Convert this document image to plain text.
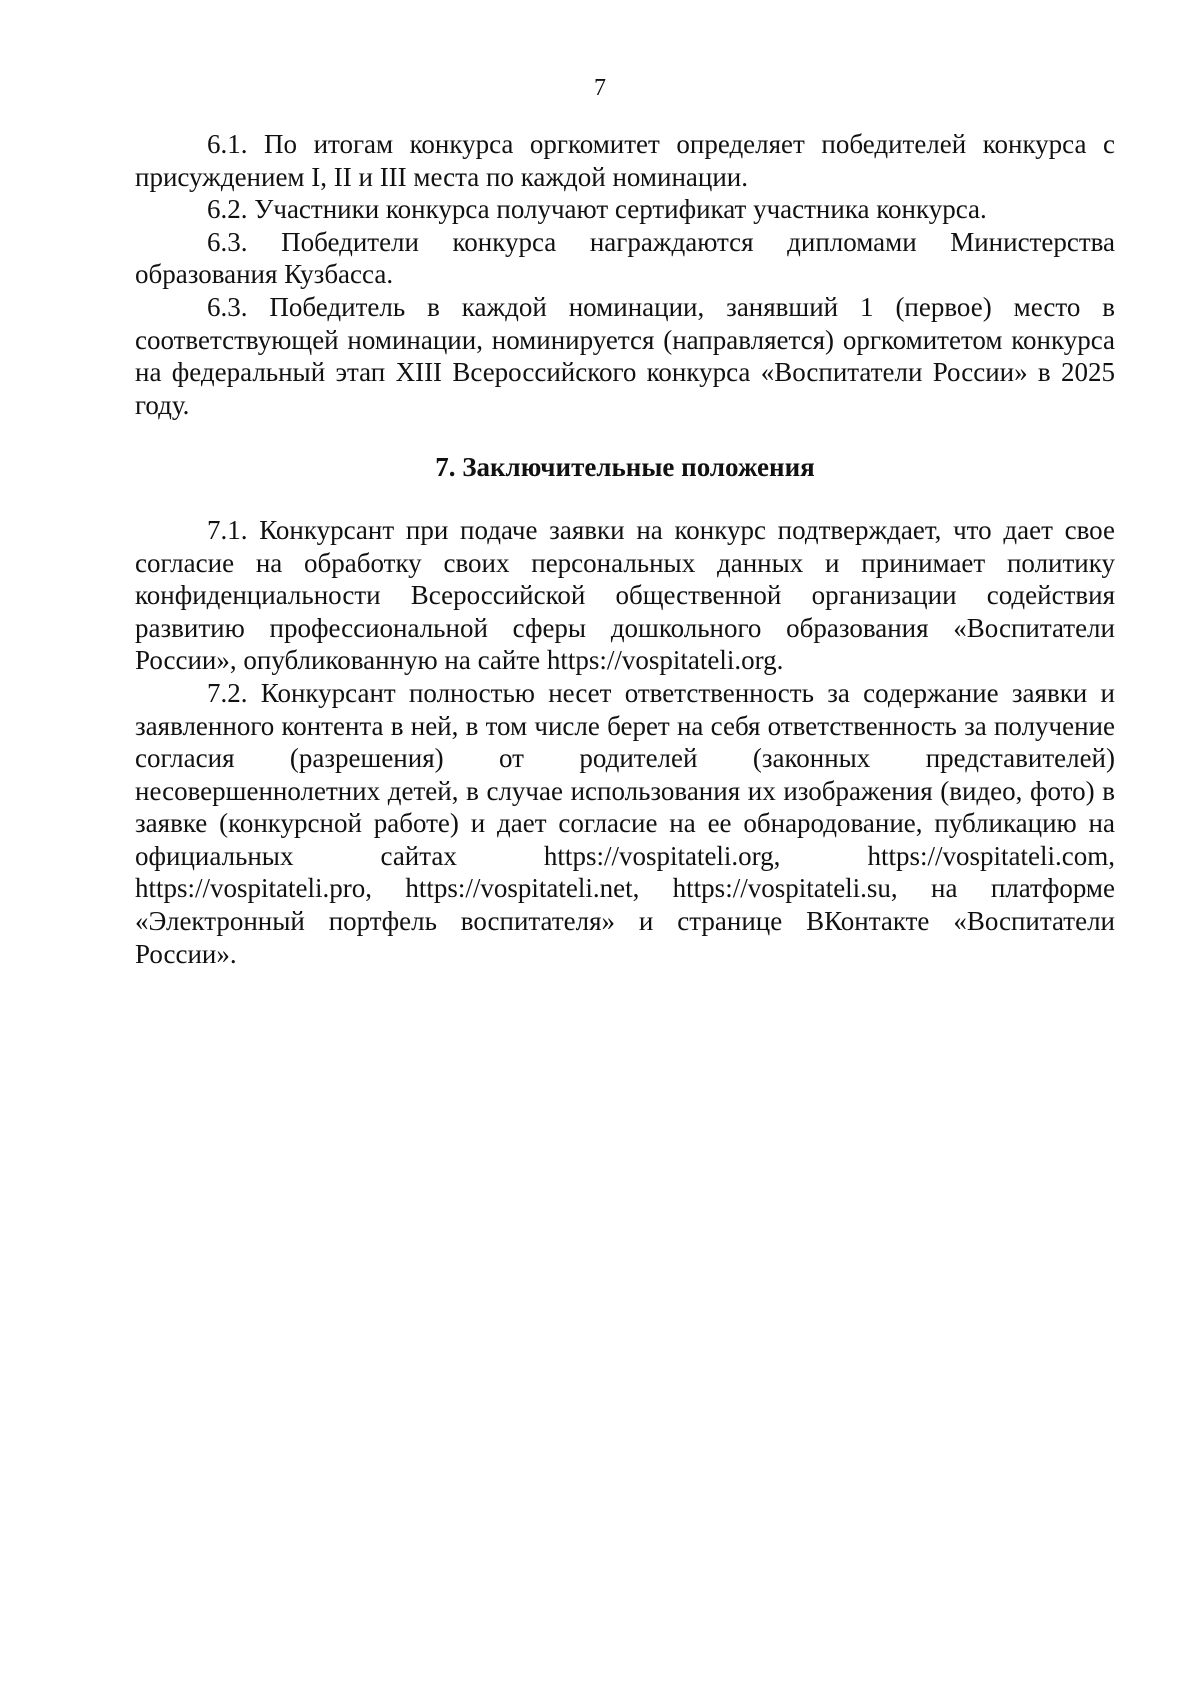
7

6.1. По итогам конкурса оргкомитет определяет победителей конкурса с присуждением I, II и III места по каждой номинации.

6.2. Участники конкурса получают сертификат участника конкурса.

6.3. Победители конкурса награждаются дипломами Министерства образования Кузбасса.

6.3. Победитель в каждой номинации, занявший 1 (первое) место в соответствующей номинации, номинируется (направляется) оргкомитетом конкурса на федеральный этап XIII Всероссийского конкурса «Воспитатели России» в 2025 году.

7. Заключительные положения

7.1. Конкурсант при подаче заявки на конкурс подтверждает, что дает свое согласие на обработку своих персональных данных и принимает политику конфиденциальности Всероссийской общественной организации содействия развитию профессиональной сферы дошкольного образования «Воспитатели России», опубликованную на сайте https://vospitateli.org.

7.2. Конкурсант полностью несет ответственность за содержание заявки и заявленного контента в ней, в том числе берет на себя ответственность за получение согласия (разрешения) от родителей (законных представителей) несовершеннолетних детей, в случае использования их изображения (видео, фото) в заявке (конкурсной работе) и дает согласие на ее обнародование, публикацию на официальных сайтах https://vospitateli.org, https://vospitateli.com, https://vospitateli.pro, https://vospitateli.net, https://vospitateli.su, на платформе «Электронный портфель воспитателя» и странице ВКонтакте «Воспитатели России».
